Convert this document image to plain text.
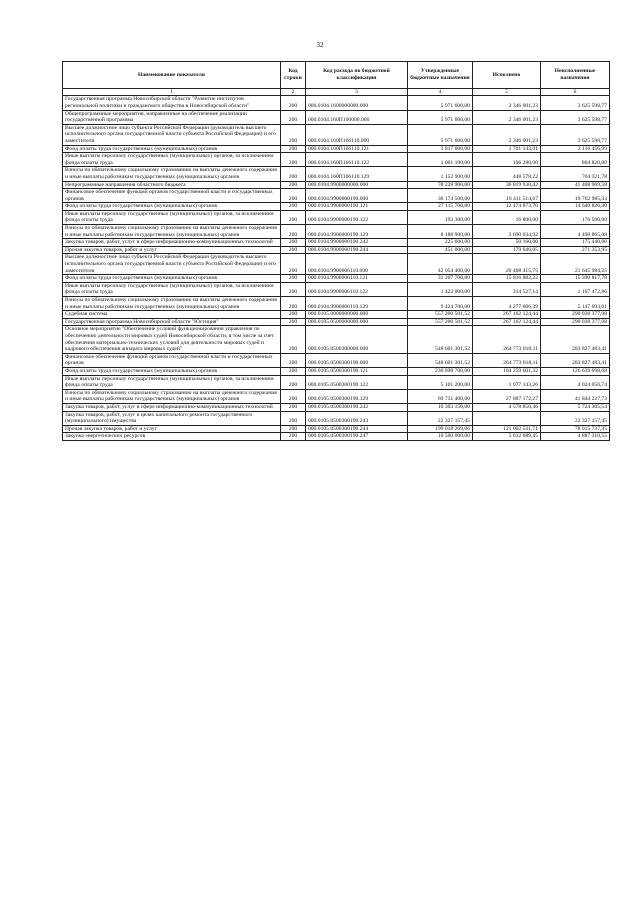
32
Наименование показателя	Код строки	Код расхода по бюджетной классификации	Утвержденные бюджетные назначения	Исполнено	Неисполненные назначения
1	2	3	4	5	6
Государственная программа Новосибирской области "Развитие институтов региональной политики и гражданского общества в Новосибирской области"	200	000.0104.1600000000.000	5 971 600,00	2 346 001,23	3 625 598,77
Общепрограммные мероприятия, направленные на обеспечение реализации государственной программы	200	000.0104.160П100000.000	5 971 600,00	2 346 001,23	3 625 598,77
Высшее должностное лицо субъекта Российской Федерации (руководитель высшего исполнительного органа государственной власти субъекта Российской Федерации) и его заместители	200	000.0104.160П106110.000	5 971 600,00	2 346 001,23	3 625 598,77
Фонд оплаты труда государственных (муниципальных) органов	200	000.0104.160П106110.121	3 817 600,00	1 701 143,01	2 116 456,99
Иные выплаты персоналу государственных (муниципальных) органов, за исключением фонда оплаты труда	200	000.0104.160П106110.122	1 001 100,00	196 280,00	804 820,00
Взносы по обязательному социальному страхованию на выплаты денежного содержания и иные выплаты работникам государственных (муниципальных) органов	200	000.0104.160П106110.129	1 152 900,00	448 578,22	704 321,78
Непрограммные направления областного бюджета	200	000.0104.9900000000.000	78 228 900,00	36 819 930,42	41 408 969,58
Финансовое обеспечение функций органов государственной власти и государственных органов	200	000.0104.9900000190.000	36 174 500,00	16 411 514,67	19 762 985,33
Фонд оплаты труда государственных (муниципальных) органов	200	000.0104.9900000190.121	27 115 700,00	12 474 873,70	14 640 826,30
Иные выплаты персоналу государственных (муниципальных) органов, за исключением фонда оплаты труда	200	000.0104.9900000190.122	193 300,00	16 800,00	176 500,00
Взносы по обязательному социальному страхованию на выплаты денежного содержания и иные выплаты работникам государственных (муниципальных) органов	200	000.0104.9900000190.129	8 188 900,00	3 690 034,92	4 498 865,08
Закупка товаров, работ, услуг в сфере информационно-коммуникационных технологий	200	000.0104.9900000190.242	225 600,00	50 160,00	175 440,00
Прочая закупка товаров, работ и услуг	200	000.0104.9900000190.244	451 000,00	179 646,05	271 353,95
Высшее должностное лицо субъекта Российской Федерации (руководитель высшего исполнительного органа государственной власти субъекта Российской Федерации) и его заместители	200	000.0104.9900006110.000	42 054 400,00	20 408 415,75	21 645 984,25
Фонд оплаты труда государственных (муниципальных) органов	200	000.0104.9900006110.121	31 207 700,00	15 816 882,22	15 390 817,78
Иные выплаты персоналу государственных (муниципальных) органов, за исключением фонда оплаты труда	200	000.0104.9900006110.122	1 422 000,00	314 527,14	1 107 472,86
Взносы по обязательному социальному страхованию на выплаты денежного содержания и иные выплаты работникам государственных (муниципальных) органов	200	000.0104.9900006110.129	9 424 700,00	4 277 006,39	5 147 693,61
Судебная система	200	000.0105.0000000000.000	557 200 501,52	267 162 124,44	290 038 377,08
Государственная программа Новосибирской области "Юстиция"	200	000.0105.0500000000.000	557 200 501,52	267 162 124,44	290 038 377,08
Основное мероприятие "Обеспечение условий функционирования управления по обеспечению деятельности мировых судей Новосибирской области, в том числе за счет обеспечения материально-технических условий для деятельности мировых судей и кадрового обеспечения аппарата мировых судей"	200	000.0105.0500300000.000	548 601 301,52	264 773 818,11	283 827 483,41
Финансовое обеспечение функций органов государственной власти и государственных органов	200	000.0105.0500300190.000	548 601 301,52	264 773 818,11	283 827 483,41
Фонд оплаты труда государственных (муниципальных) органов	200	000.0105.0500300190.121	230 898 700,00	104 259 601,32	126 639 098,68
Иные выплаты персоналу государственных (муниципальных) органов, за исключением фонда оплаты труда	200	000.0105.0500300190.122	5 101 200,00	1 077 143,26	4 024 056,74
Взносы по обязательному социальному страхованию на выплаты денежного содержания и иные выплаты работникам государственных (муниципальных) органов	200	000.0105.0500300190.129	69 731 400,00	27 887 172,27	41 844 227,73
Закупка товаров, работ, услуг в сфере информационно-коммуникационных технологий	200	000.0105.0500300190.242	10 303 156,00	4 578 850,46	5 724 305,54
Закупка товаров, работ, услуг в целях капитального ремонта государственного (муниципального) имущества	200	000.0105.0500300190.243	22 327 157,45		22 327 157,45
Прочая закупка товаров, работ и услуг	200	000.0105.0500300190.244	199 018 269,06	121 002 531,71	78 015 737,35
Закупка энергетических ресурсов	200	000.0105.0500300190.247	10 500 000,00	5 612 689,45	4 887 310,55
